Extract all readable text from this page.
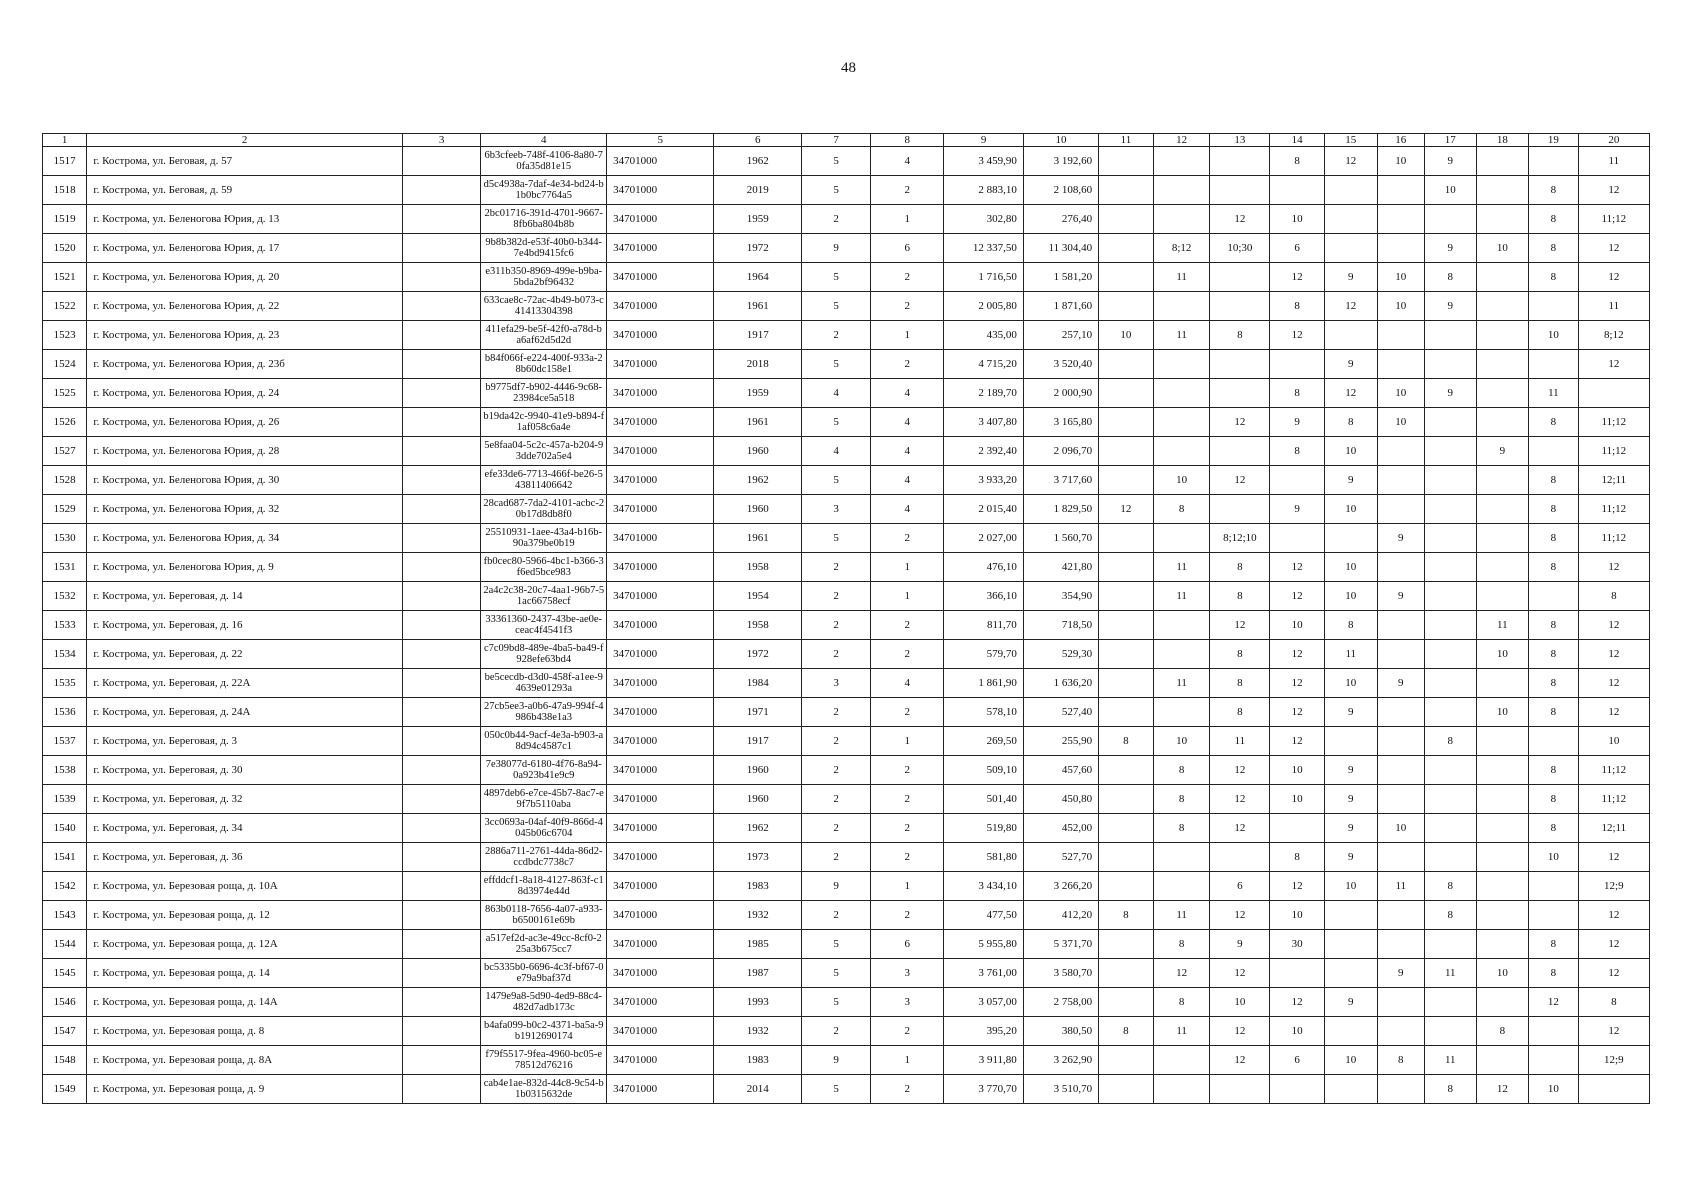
48
1	2	3	4	5	6	7	8	9	10	11	12	13	14	15	16	17	18	19	20
1517	г. Кострома, ул. Беговая, д. 57		6b3cfeeb-748f-4106-8a80-70fa35d81e15	34701000	1962	5	4	3 459,90	3 192,60				8	12	10	9			11
1518	г. Кострома, ул. Беговая, д. 59		d5c4938a-7daf-4e34-bd24-b1b0bc7764a5	34701000	2019	5	2	2 883,10	2 108,60							10		8	12
1519	г. Кострома, ул. Беленогова Юрия, д. 13		2bc01716-391d-4701-9667-8fb6ba804b8b	34701000	1959	2	1	302,80	276,40			12	10					8	11;12
1520	г. Кострома, ул. Беленогова Юрия, д. 17		9b8b382d-e53f-40b0-b344-7e4bd9415fc6	34701000	1972	9	6	12 337,50	11 304,40		8;12	10;30	6			9	10	8	12
1521	г. Кострома, ул. Беленогова Юрия, д. 20		e311b350-8969-499e-b9ba-5bda2bf96432	34701000	1964	5	2	1 716,50	1 581,20		11		12	9	10	8		8	12
1522	г. Кострома, ул. Беленогова Юрия, д. 22		633cae8c-72ac-4b49-b073-c41413304398	34701000	1961	5	2	2 005,80	1 871,60				8	12	10	9			11
1523	г. Кострома, ул. Беленогова Юрия, д. 23		411efa29-be5f-42f0-a78d-ba6af62d5d2d	34701000	1917	2	1	435,00	257,10	10	11	8	12					10	8;12
1524	г. Кострома, ул. Беленогова Юрия, д. 23б		b84f066f-e224-400f-933a-28b60dc158e1	34701000	2018	5	2	4 715,20	3 520,40					9					12
1525	г. Кострома, ул. Беленогова Юрия, д. 24		b9775df7-b902-4446-9c68-23984ce5a518	34701000	1959	4	4	2 189,70	2 000,90				8	12	10	9		11	
1526	г. Кострома, ул. Беленогова Юрия, д. 26		b19da42c-9940-41e9-b894-f1af058c6a4e	34701000	1961	5	4	3 407,80	3 165,80			12	9	8	10			8	11;12
1527	г. Кострома, ул. Беленогова Юрия, д. 28		5e8faa04-5c2c-457a-b204-93dde702a5e4	34701000	1960	4	4	2 392,40	2 096,70				8	10			9		11;12
1528	г. Кострома, ул. Беленогова Юрия, д. 30		efe33de6-7713-466f-be26-543811406642	34701000	1962	5	4	3 933,20	3 717,60		10	12		9				8	12;11
1529	г. Кострома, ул. Беленогова Юрия, д. 32		28cad687-7da2-4101-acbc-20b17d8db8f0	34701000	1960	3	4	2 015,40	1 829,50	12	8		9	10				8	11;12
1530	г. Кострома, ул. Беленогова Юрия, д. 34		25510931-1aee-43a4-b16b-90a379be0b19	34701000	1961	5	2	2 027,00	1 560,70			8;12;10			9			8	11;12
1531	г. Кострома, ул. Беленогова Юрия, д. 9		fb0cec80-5966-4bc1-b366-3f6ed5bce983	34701000	1958	2	1	476,10	421,80		11	8	12	10				8	12
1532	г. Кострома, ул. Береговая, д. 14		2a4c2c38-20c7-4aa1-96b7-51ac66758ecf	34701000	1954	2	1	366,10	354,90		11	8	12	10	9				8
1533	г. Кострома, ул. Береговая, д. 16		33361360-2437-43be-ae0e-ceac4f4541f3	34701000	1958	2	2	811,70	718,50			12	10	8			11	8	12
1534	г. Кострома, ул. Береговая, д. 22		c7c09bd8-489e-4ba5-ba49-f928efe63bd4	34701000	1972	2	2	579,70	529,30			8	12	11			10	8	12
1535	г. Кострома, ул. Береговая, д. 22А		be5cecdb-d3d0-458f-a1ee-94639e01293a	34701000	1984	3	4	1 861,90	1 636,20		11	8	12	10	9			8	12
1536	г. Кострома, ул. Береговая, д. 24А		27cb5ee3-a0b6-47a9-994f-4986b438e1a3	34701000	1971	2	2	578,10	527,40			8	12	9			10	8	12
1537	г. Кострома, ул. Береговая, д. 3		050c0b44-9acf-4e3a-b903-a8d94c4587c1	34701000	1917	2	1	269,50	255,90	8	10	11	12			8			10
1538	г. Кострома, ул. Береговая, д. 30		7e38077d-6180-4f76-8a94-0a923b41e9c9	34701000	1960	2	2	509,10	457,60		8	12	10	9				8	11;12
1539	г. Кострома, ул. Береговая, д. 32		4897deb6-e7ce-45b7-8ac7-e9f7b5110aba	34701000	1960	2	2	501,40	450,80		8	12	10	9				8	11;12
1540	г. Кострома, ул. Береговая, д. 34		3cc0693a-04af-40f9-866d-4045b06c6704	34701000	1962	2	2	519,80	452,00		8	12		9	10			8	12;11
1541	г. Кострома, ул. Береговая, д. 36		2886a711-2761-44da-86d2-ccdbdc7738c7	34701000	1973	2	2	581,80	527,70				8	9				10	12
1542	г. Кострома, ул. Березовая роща, д. 10А		effddcf1-8a18-4127-863f-c18d3974e44d	34701000	1983	9	1	3 434,10	3 266,20			6	12	10	11	8			12;9
1543	г. Кострома, ул. Березовая роща, д. 12		863b0118-7656-4a07-a933-b6500161e69b	34701000	1932	2	2	477,50	412,20	8	11	12	10			8			12
1544	г. Кострома, ул. Березовая роща, д. 12А		a517ef2d-ac3e-49cc-8cf0-225a3b675cc7	34701000	1985	5	6	5 955,80	5 371,70		8	9	30					8	12
1545	г. Кострома, ул. Березовая роща, д. 14		bc5335b0-6696-4c3f-bf67-0e79a9baf37d	34701000	1987	5	3	3 761,00	3 580,70		12	12			9	11	10	8	12
1546	г. Кострома, ул. Березовая роща, д. 14А		1479e9a8-5d90-4ed9-88c4-482d7adb173c	34701000	1993	5	3	3 057,00	2 758,00		8	10	12	9				12	8
1547	г. Кострома, ул. Березовая роща, д. 8		b4afa099-b0c2-4371-ba5a-9b1912690174	34701000	1932	2	2	395,20	380,50	8	11	12	10				8		12
1548	г. Кострома, ул. Березовая роща, д. 8А		f79f5517-9fea-4960-bc05-e78512d76216	34701000	1983	9	1	3 911,80	3 262,90			12	6	10	8	11			12;9
1549	г. Кострома, ул. Березовая роща, д. 9		cab4e1ae-832d-44c8-9c54-b1b0315632de	34701000	2014	5	2	3 770,70	3 510,70							8	12	10	
